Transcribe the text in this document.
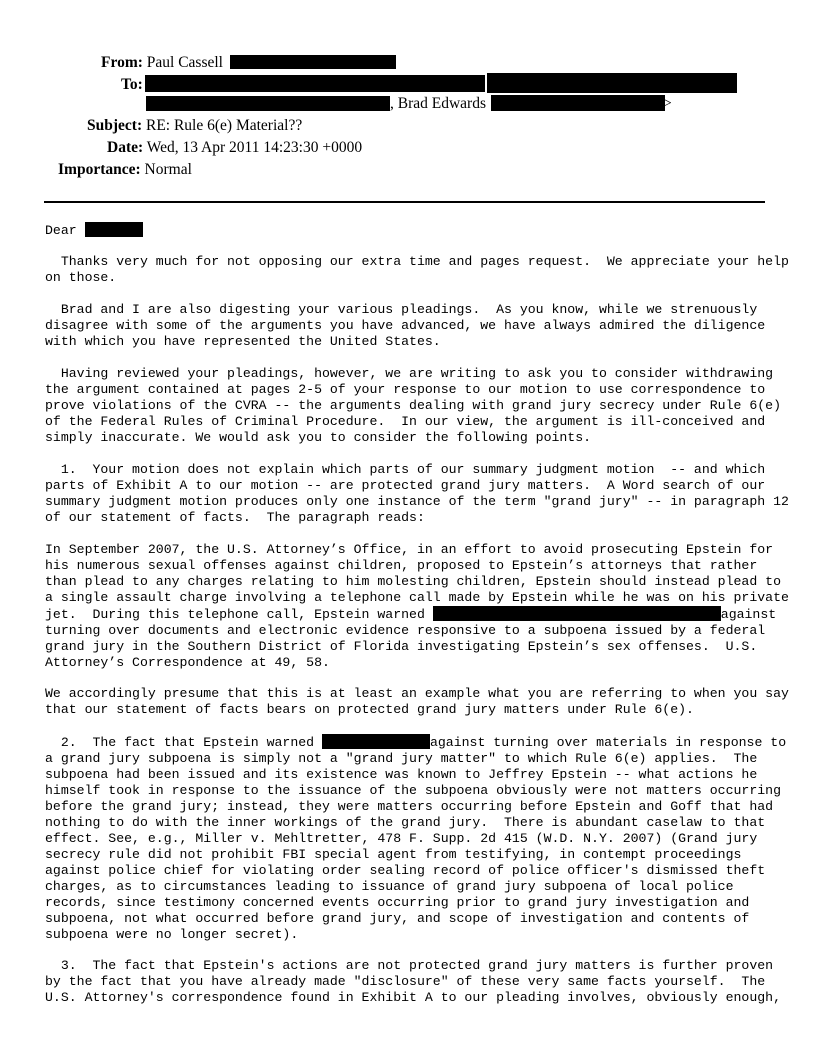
From: Paul Cassell
To:
, Brad Edwards	>
Subject: RE: Rule 6(e) Material??
Date: Wed, 13 Apr 2011 14:23:30 +0000
Importance: Normal
Dear
Thanks very much for not opposing our extra time and pages request.  We appreciate your help
on those.
Brad and I are also digesting your various pleadings.  As you know, while we strenuously
disagree with some of the arguments you have advanced, we have always admired the diligence
with which you have represented the United States.
Having reviewed your pleadings, however, we are writing to ask you to consider withdrawing
the argument contained at pages 2-5 of your response to our motion to use correspondence to
prove violations of the CVRA -- the arguments dealing with grand jury secrecy under Rule 6(e)
of the Federal Rules of Criminal Procedure.  In our view, the argument is ill-conceived and
simply inaccurate. We would ask you to consider the following points.
1.  Your motion does not explain which parts of our summary judgment motion  -- and which
parts of Exhibit A to our motion -- are protected grand jury matters.  A Word search of our
summary judgment motion produces only one instance of the term "grand jury" -- in paragraph 12
of our statement of facts.  The paragraph reads:
In September 2007, the U.S. Attorney’s Office, in an effort to avoid prosecuting Epstein for
his numerous sexual offenses against children, proposed to Epstein’s attorneys that rather
than plead to any charges relating to him molesting children, Epstein should instead plead to
a single assault charge involving a telephone call made by Epstein while he was on his private
jet.  During this telephone call, Epstein warned	against
turning over documents and electronic evidence responsive to a subpoena issued by a federal
grand jury in the Southern District of Florida investigating Epstein’s sex offenses.  U.S.
Attorney’s Correspondence at 49, 58.
We accordingly presume that this is at least an example what you are referring to when you say
that our statement of facts bears on protected grand jury matters under Rule 6(e).
2.  The fact that Epstein warned	against turning over materials in response to
a grand jury subpoena is simply not a "grand jury matter" to which Rule 6(e) applies.  The
subpoena had been issued and its existence was known to Jeffrey Epstein -- what actions he
himself took in response to the issuance of the subpoena obviously were not matters occurring
before the grand jury; instead, they were matters occurring before Epstein and Goff that had
nothing to do with the inner workings of the grand jury.  There is abundant caselaw to that
effect. See, e.g., Miller v. Mehltretter, 478 F. Supp. 2d 415 (W.D. N.Y. 2007) (Grand jury
secrecy rule did not prohibit FBI special agent from testifying, in contempt proceedings
against police chief for violating order sealing record of police officer's dismissed theft
charges, as to circumstances leading to issuance of grand jury subpoena of local police
records, since testimony concerned events occurring prior to grand jury investigation and
subpoena, not what occurred before grand jury, and scope of investigation and contents of
subpoena were no longer secret).
3.  The fact that Epstein's actions are not protected grand jury matters is further proven
by the fact that you have already made "disclosure" of these very same facts yourself.  The
U.S. Attorney's correspondence found in Exhibit A to our pleading involves, obviously enough,
